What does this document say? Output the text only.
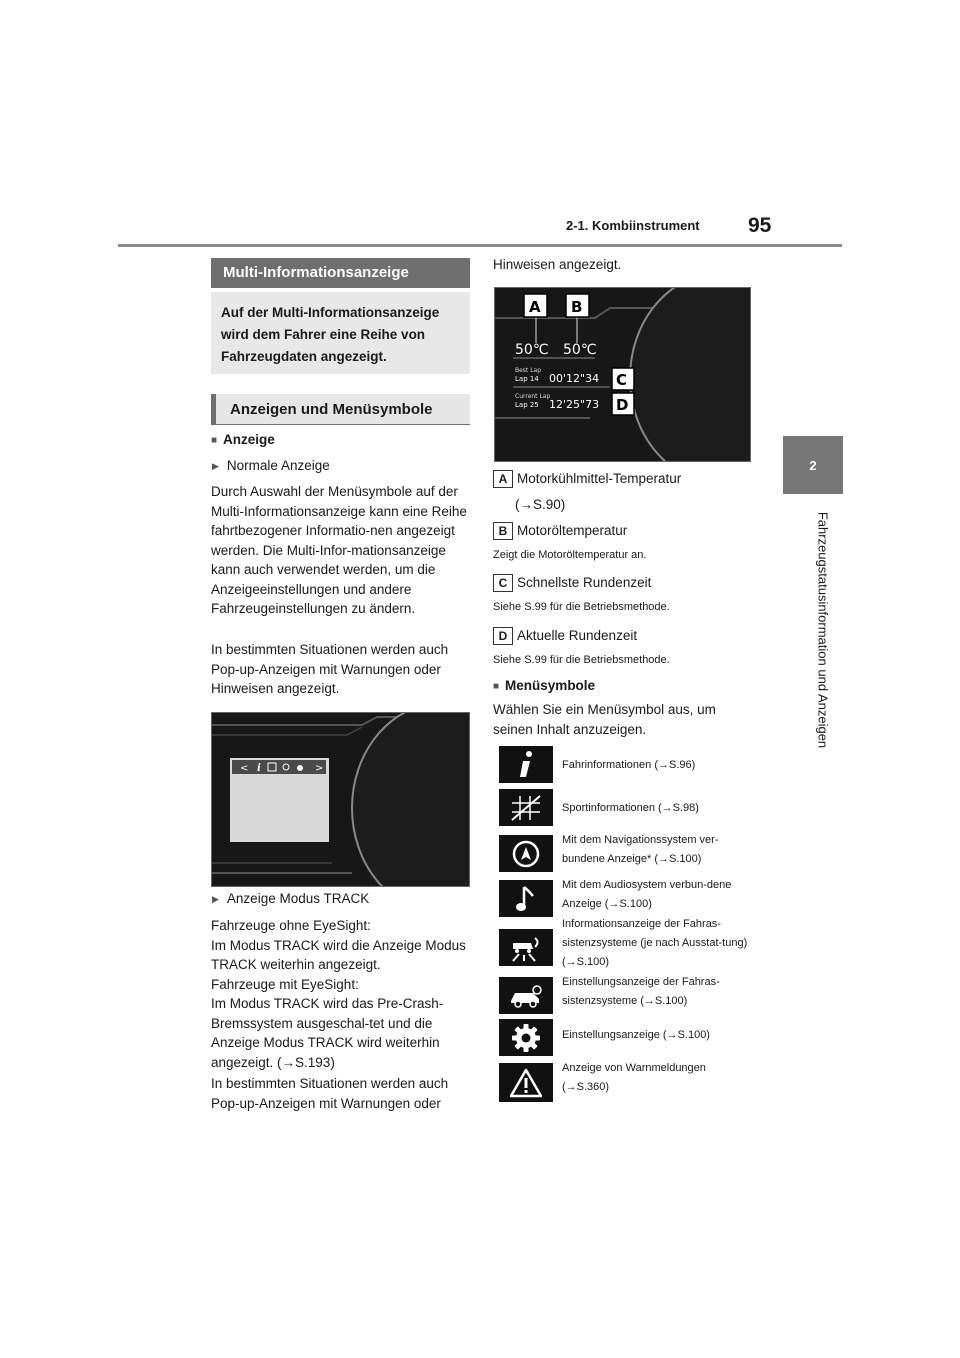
2-1. Kombiinstrument 95
2
Fahrzeugstatusinformation und Anzeigen
Multi-Informationsanzeige
Auf der Multi-Informationsanzeige wird dem Fahrer eine Reihe von Fahrzeugdaten angezeigt.
Anzeigen und Menüsymbole
■ Anzeige
▶ Normale Anzeige
Durch Auswahl der Menüsymbole auf der Multi-Informationsanzeige kann eine Reihe fahrtbezogener Informatio-nen angezeigt werden. Die Multi-Infor-mationsanzeige kann auch verwendet werden, um die Anzeigeeinstellungen und andere Fahrzeugeinstellungen zu ändern.
In bestimmten Situationen werden auch Pop-up-Anzeigen mit Warnungen oder Hinweisen angezeigt.
< i	>
▶ Anzeige Modus TRACK
Fahrzeuge ohne EyeSight:
Im Modus TRACK wird die Anzeige Modus TRACK weiterhin angezeigt.
Fahrzeuge mit EyeSight:
Im Modus TRACK wird das Pre-Crash-Bremssystem ausgeschal-tet und die Anzeige Modus TRACK wird weiterhin angezeigt. (→S.193)
In bestimmten Situationen werden auch Pop-up-Anzeigen mit Warnungen oder
Hinweisen angezeigt.
50℃ 50℃
Best Lap
Lap 14 00'12"34
Current Lap
Lap 25 12'25"73
A B
C
D
A Motorkühlmittel-Temperatur
(→S.90)
B Motoröltemperatur
Zeigt die Motoröltemperatur an.
C Schnellste Rundenzeit
Siehe S.99 für die Betriebsmethode.
D Aktuelle Rundenzeit
Siehe S.99 für die Betriebsmethode.
■ Menüsymbole
Wählen Sie ein Menüsymbol aus, um seinen Inhalt anzuzeigen.
Fahrinformationen (→S.96)
Sportinformationen (→S.98)
Mit dem Navigationssystem ver-bundene Anzeige* (→S.100)
Mit dem Audiosystem verbun-dene Anzeige (→S.100)
Informationsanzeige der Fahras-sistenzsysteme (je nach Ausstat-tung) (→S.100)
Einstellungsanzeige der Fahras-sistenzsysteme (→S.100)
Einstellungsanzeige (→S.100)
Anzeige von Warnmeldungen (→S.360)
